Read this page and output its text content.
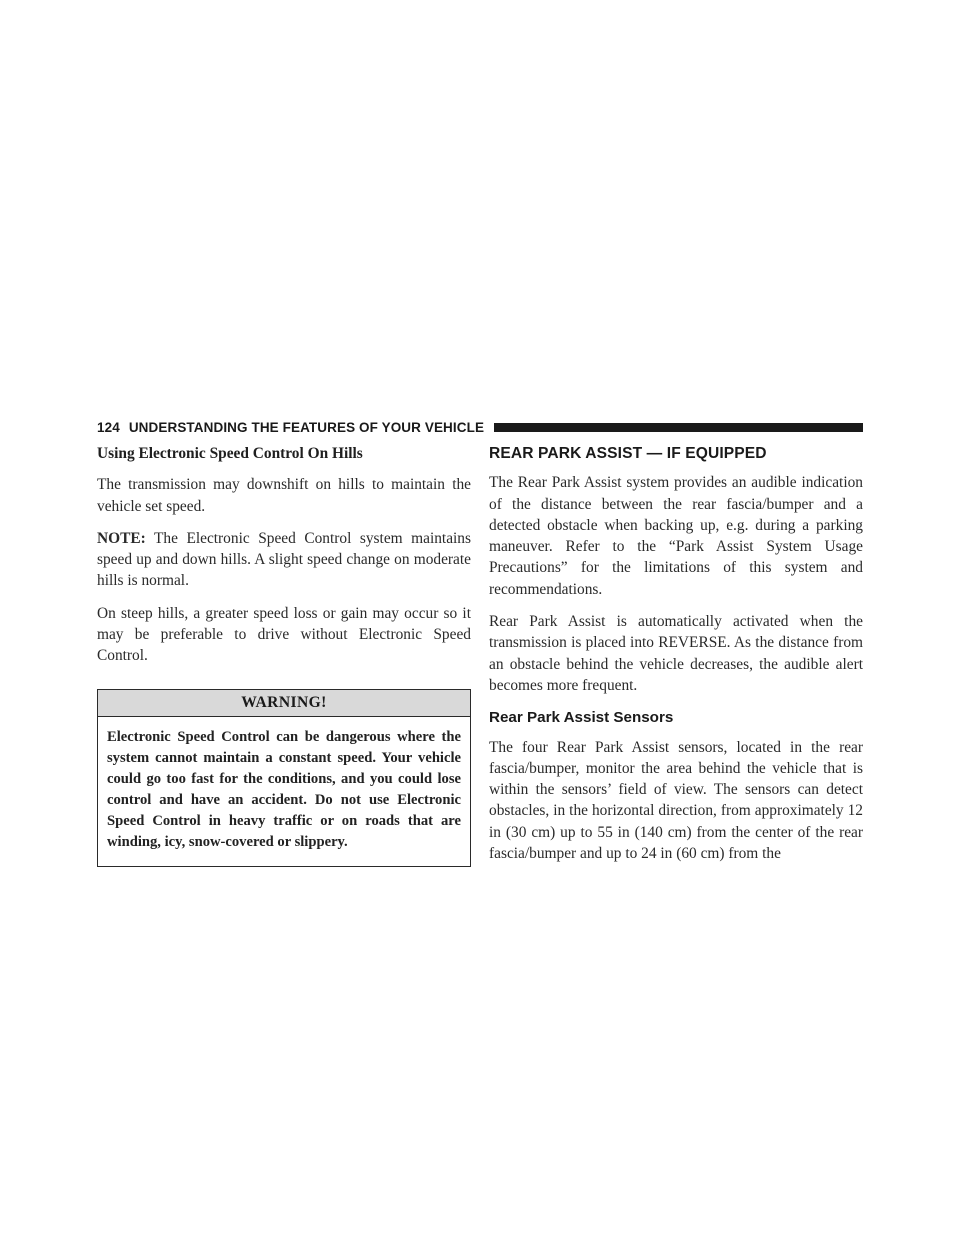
124 UNDERSTANDING THE FEATURES OF YOUR VEHICLE
Using Electronic Speed Control On Hills

The transmission may downshift on hills to maintain the vehicle set speed.

NOTE: The Electronic Speed Control system maintains speed up and down hills. A slight speed change on moderate hills is normal.

On steep hills, a greater speed loss or gain may occur so it may be preferable to drive without Electronic Speed Control.

WARNING!
Electronic Speed Control can be dangerous where the system cannot maintain a constant speed. Your vehicle could go too fast for the conditions, and you could lose control and have an accident. Do not use Electronic Speed Control in heavy traffic or on roads that are winding, icy, snow-covered or slippery.
REAR PARK ASSIST — IF EQUIPPED

The Rear Park Assist system provides an audible indication of the distance between the rear fascia/bumper and a detected obstacle when backing up, e.g. during a parking maneuver. Refer to the “Park Assist System Usage Precautions” for the limitations of this system and recommendations.

Rear Park Assist is automatically activated when the transmission is placed into REVERSE. As the distance from an obstacle behind the vehicle decreases, the audible alert becomes more frequent.

Rear Park Assist Sensors

The four Rear Park Assist sensors, located in the rear fascia/bumper, monitor the area behind the vehicle that is within the sensors’ field of view. The sensors can detect obstacles, in the horizontal direction, from approximately 12 in (30 cm) up to 55 in (140 cm) from the center of the rear fascia/bumper and up to 24 in (60 cm) from the
